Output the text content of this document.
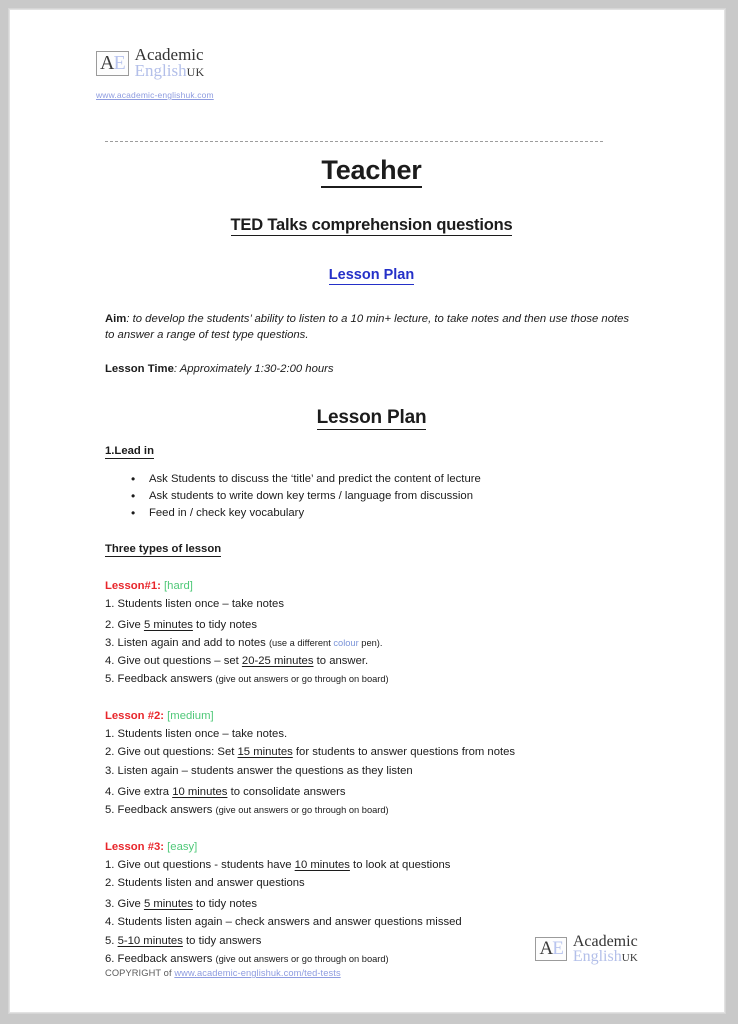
AE Academic
EnglishUK
www.academic-englishuk.com
Teacher
TED Talks comprehension questions
Lesson Plan

Aim: to develop the students’ ability to listen to a 10 min+ lecture, to take notes and then use those notes to answer a range of test type questions.

Lesson Time: Approximately 1:30-2:00 hours

Lesson Plan
1.Lead in
• Ask Students to discuss the ‘title’ and predict the content of lecture
• Ask students to write down key terms / language from discussion
• Feed in / check key vocabulary
Three types of lesson
Lesson#1: [hard]
1. Students listen once – take notes
2. Give 5 minutes to tidy notes
3. Listen again and add to notes (use a different colour pen).
4. Give out questions – set 20-25 minutes to answer.
5. Feedback answers (give out answers or go through on board)
Lesson #2: [medium]
1. Students listen once – take notes.
2. Give out questions: Set 15 minutes for students to answer questions from notes
3. Listen again – students answer the questions as they listen
4. Give extra 10 minutes to consolidate answers
5. Feedback answers (give out answers or go through on board)
Lesson #3: [easy]
1. Give out questions - students have 10 minutes to look at questions
2. Students listen and answer questions
3. Give 5 minutes to tidy notes
4. Students listen again – check answers and answer questions missed
5. 5-10 minutes to tidy answers
6. Feedback answers (give out answers or go through on board)
COPYRIGHT of www.academic-englishuk.com/ted-tests
AE Academic
EnglishUK
